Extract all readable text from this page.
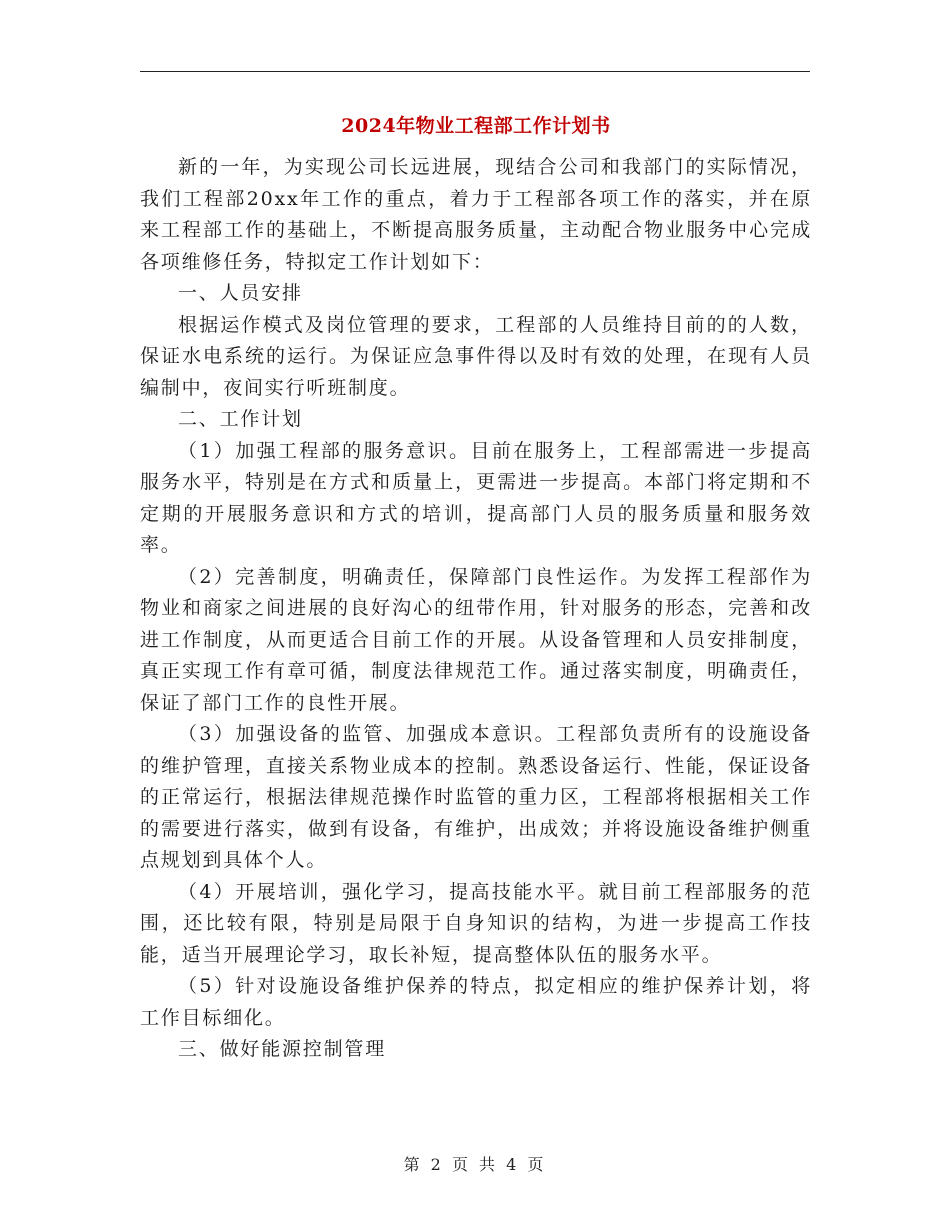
2024年物业工程部工作计划书

新的一年，为实现公司长远进展，现结合公司和我部门的实际情况，我们工程部20xx年工作的重点，着力于工程部各项工作的落实，并在原来工程部工作的基础上，不断提高服务质量，主动配合物业服务中心完成各项维修任务，特拟定工作计划如下：

一、人员安排

根据运作模式及岗位管理的要求，工程部的人员维持目前的的人数，保证水电系统的运行。为保证应急事件得以及时有效的处理，在现有人员编制中，夜间实行听班制度。

二、工作计划

（1）加强工程部的服务意识。目前在服务上，工程部需进一步提高服务水平，特别是在方式和质量上，更需进一步提高。本部门将定期和不定期的开展服务意识和方式的培训，提高部门人员的服务质量和服务效率。

（2）完善制度，明确责任，保障部门良性运作。为发挥工程部作为物业和商家之间进展的良好沟心的纽带作用，针对服务的形态，完善和改进工作制度，从而更适合目前工作的开展。从设备管理和人员安排制度，真正实现工作有章可循，制度法律规范工作。通过落实制度，明确责任，保证了部门工作的良性开展。

（3）加强设备的监管、加强成本意识。工程部负责所有的设施设备的维护管理，直接关系物业成本的控制。熟悉设备运行、性能，保证设备的正常运行，根据法律规范操作时监管的重力区，工程部将根据相关工作的需要进行落实，做到有设备，有维护，出成效；并将设施设备维护侧重点规划到具体个人。

（4）开展培训，强化学习，提高技能水平。就目前工程部服务的范围，还比较有限，特别是局限于自身知识的结构，为进一步提高工作技能，适当开展理论学习，取长补短，提高整体队伍的服务水平。

（5）针对设施设备维护保养的特点，拟定相应的维护保养计划，将工作目标细化。

三、做好能源控制管理

第 2 页 共 4 页
